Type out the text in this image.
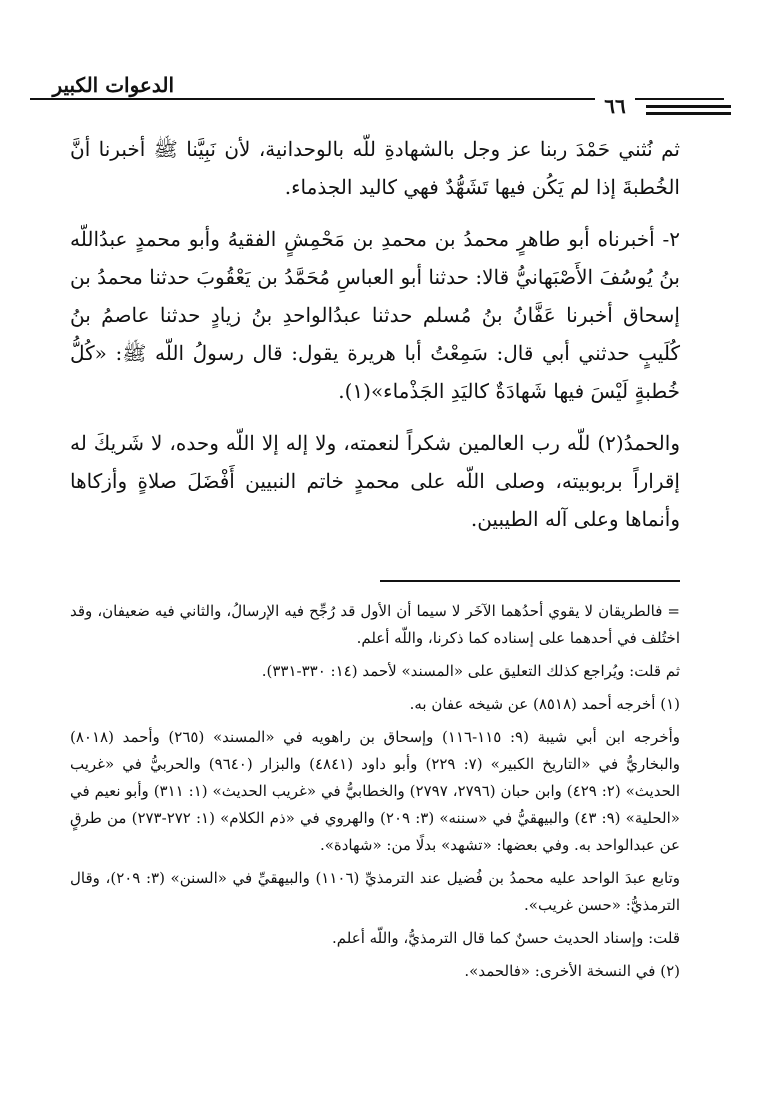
الدعوات الكبير
٦٦

ثم نُثني حَمْدَ ربنا عز وجل بالشهادةِ للّه بالوحدانية، لأن نَبِيَّنا ﷺ أخبرنا أنَّ الخُطبةَ إذا لم يَكُن فيها تَشَهُّدٌ فهي كاليد الجذماء.

٢- أخبرناه أبو طاهرٍ محمدُ بن محمدِ بن مَحْمِشٍ الفقيهُ وأبو محمدٍ عبدُاللّه بنُ يُوسُفَ الأَصْبَهانيُّ قالا: حدثنا أبو العباسِ مُحَمَّدُ بن يَعْقُوبَ حدثنا محمدُ بن إسحاق أخبرنا عَفَّانُ بنُ مُسلم حدثنا عبدُالواحدِ بنُ زيادٍ حدثنا عاصمُ بنُ كُلَيبٍ حدثني أبي قال: سَمِعْتُ أبا هريرة يقول: قال رسولُ اللّه ﷺ: «كُلُّ خُطبةٍ لَيْسَ فيها شَهادَةٌ كاليَدِ الجَذْماء»(١).

والحمدُ(٢) للّه رب العالمين شكراً لنعمته، ولا إله إلا اللّه وحده، لا شَريكَ له إقراراً بربوبيته، وصلى اللّه على محمدٍ خاتم النبيين أَفْضَلَ صلاةٍ وأزكاها وأنماها وعلى آله الطيبين.

= فالطريقان لا يقوي أحدُهما الآخَر لا سيما أن الأول قد رُجِّح فيه الإرسالُ، والثاني فيه ضعيفان، وقد اختُلف في أحدهما على إسناده كما ذكرنا، واللّه أعلم.

ثم قلت: ويُراجع كذلك التعليق على «المسند» لأحمد (١٤: ٣٣٠-٣٣١).

(١) أخرجه أحمد (٨٥١٨) عن شيخه عفان به.

وأخرجه ابن أبي شيبة (٩: ١١٥-١١٦) وإسحاق بن راهويه في «المسند» (٢٦٥) وأحمد (٨٠١٨) والبخاريُّ في «التاريخ الكبير» (٧: ٢٢٩) وأبو داود (٤٨٤١) والبزار (٩٦٤٠) والحربيُّ في «غريب الحديث» (٢: ٤٢٩) وابن حبان (٢٧٩٦، ٢٧٩٧) والخطابيُّ في «غريب الحديث» (١: ٣١١) وأبو نعيم في «الحلية» (٩: ٤٣) والبيهقيُّ في «سننه» (٣: ٢٠٩) والهروي في «ذم الكلام» (١: ٢٧٢-٢٧٣) من طرقٍ عن عبدالواحد به. وفي بعضها: «تشهد» بدلًا من: «شهادة».

وتابع عبدَ الواحد عليه محمدُ بن فُضيل عند الترمذيِّ (١١٠٦) والبيهقيِّ في «السنن» (٣: ٢٠٩)، وقال الترمذيُّ: «حسن غريب».

قلت: وإسناد الحديث حسنٌ كما قال الترمذيُّ، واللّه أعلم.

(٢) في النسخة الأخرى: «فالحمد».
